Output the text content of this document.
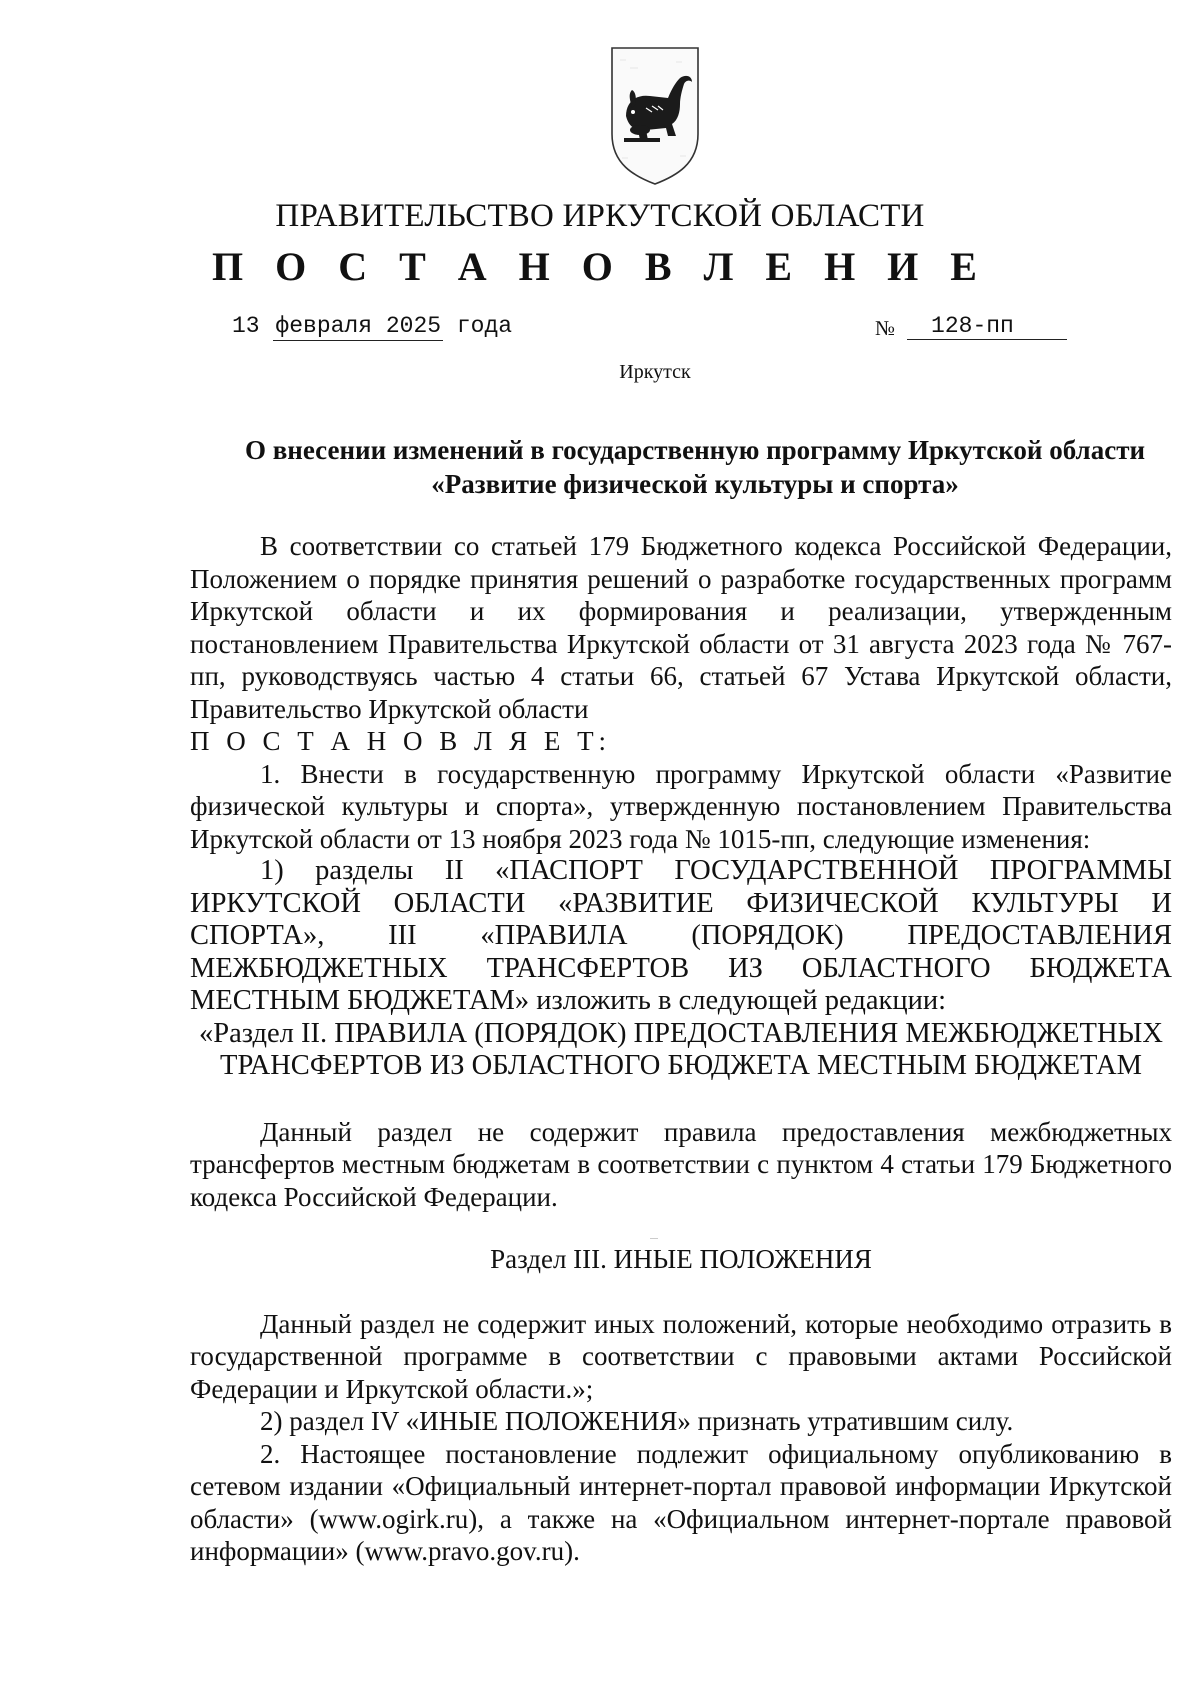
ПРАВИТЕЛЬСТВО ИРКУТСКОЙ ОБЛАСТИ
П О С Т А Н О В Л Е Н И Е
13 февраля 2025 года	№ 128-пп
Иркутск
О внесении изменений в государственную программу Иркутской области
«Развитие физической культуры и спорта»

В соответствии со статьей 179 Бюджетного кодекса Российской Федерации, Положением о порядке принятия решений о разработке государственных программ Иркутской области и их формирования и реализации, утвержденным постановлением Правительства Иркутской области от 31 августа 2023 года № 767-пп, руководствуясь частью 4 статьи 66, статьей 67 Устава Иркутской области, Правительство Иркутской области

П О С Т А Н О В Л Я Е Т:

1. Внести в государственную программу Иркутской области «Развитие физической культуры и спорта», утвержденную постановлением Правительства Иркутской области от 13 ноября 2023 года № 1015-пп, следующие изменения:

1) разделы II «ПАСПОРТ ГОСУДАРСТВЕННОЙ ПРОГРАММЫ ИРКУТСКОЙ ОБЛАСТИ «РАЗВИТИЕ ФИЗИЧЕСКОЙ КУЛЬТУРЫ И СПОРТА», III «ПРАВИЛА (ПОРЯДОК) ПРЕДОСТАВЛЕНИЯ МЕЖБЮДЖЕТНЫХ ТРАНСФЕРТОВ ИЗ ОБЛАСТНОГО БЮДЖЕТА МЕСТНЫМ БЮДЖЕТАМ» изложить в следующей редакции:

«Раздел II. ПРАВИЛА (ПОРЯДОК) ПРЕДОСТАВЛЕНИЯ МЕЖБЮДЖЕТНЫХ

ТРАНСФЕРТОВ ИЗ ОБЛАСТНОГО БЮДЖЕТА МЕСТНЫМ БЮДЖЕТАМ

Данный раздел не содержит правила предоставления межбюджетных трансфертов местным бюджетам в соответствии с пунктом 4 статьи 179 Бюджетного кодекса Российской Федерации.

Раздел III. ИНЫЕ ПОЛОЖЕНИЯ

Данный раздел не содержит иных положений, которые необходимо отразить в государственной программе в соответствии с правовыми актами Российской Федерации и Иркутской области.»;

2) раздел IV «ИНЫЕ ПОЛОЖЕНИЯ» признать утратившим силу.

2. Настоящее постановление подлежит официальному опубликованию в сетевом издании «Официальный интернет-портал правовой информации Иркутской области» (www.ogirk.ru), а также на «Официальном интернет-портале правовой информации» (www.pravo.gov.ru).
